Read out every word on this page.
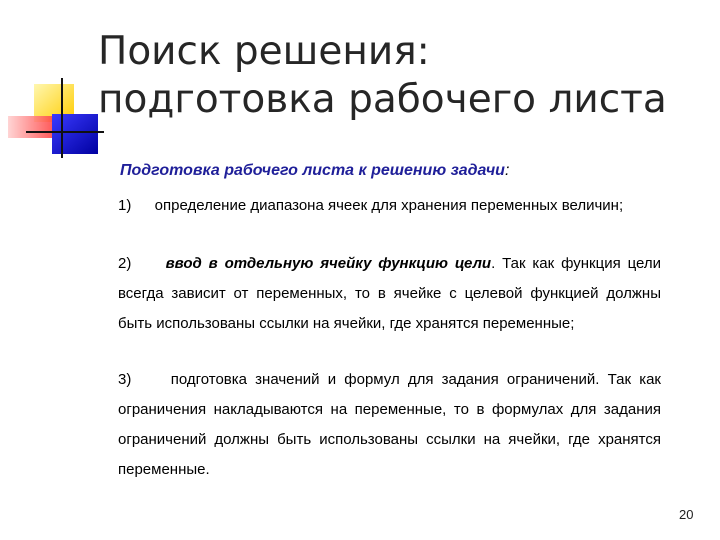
Поиск решения:
подготовка рабочего листа
Подготовка рабочего листа к решению задачи:
1) определение диапазона ячеек для хранения переменных величин;
2) ввод в отдельную ячейку функцию цели. Так как функция цели всегда зависит от переменных, то в ячейке с целевой функцией должны быть использованы ссылки на ячейки, где хранятся переменные;
3)	подготовка значений и формул для задания ограничений. Так как ограничения накладываются на переменные, то в формулах для задания ограничений должны быть использованы ссылки на ячейки, где хранятся переменные.
20
